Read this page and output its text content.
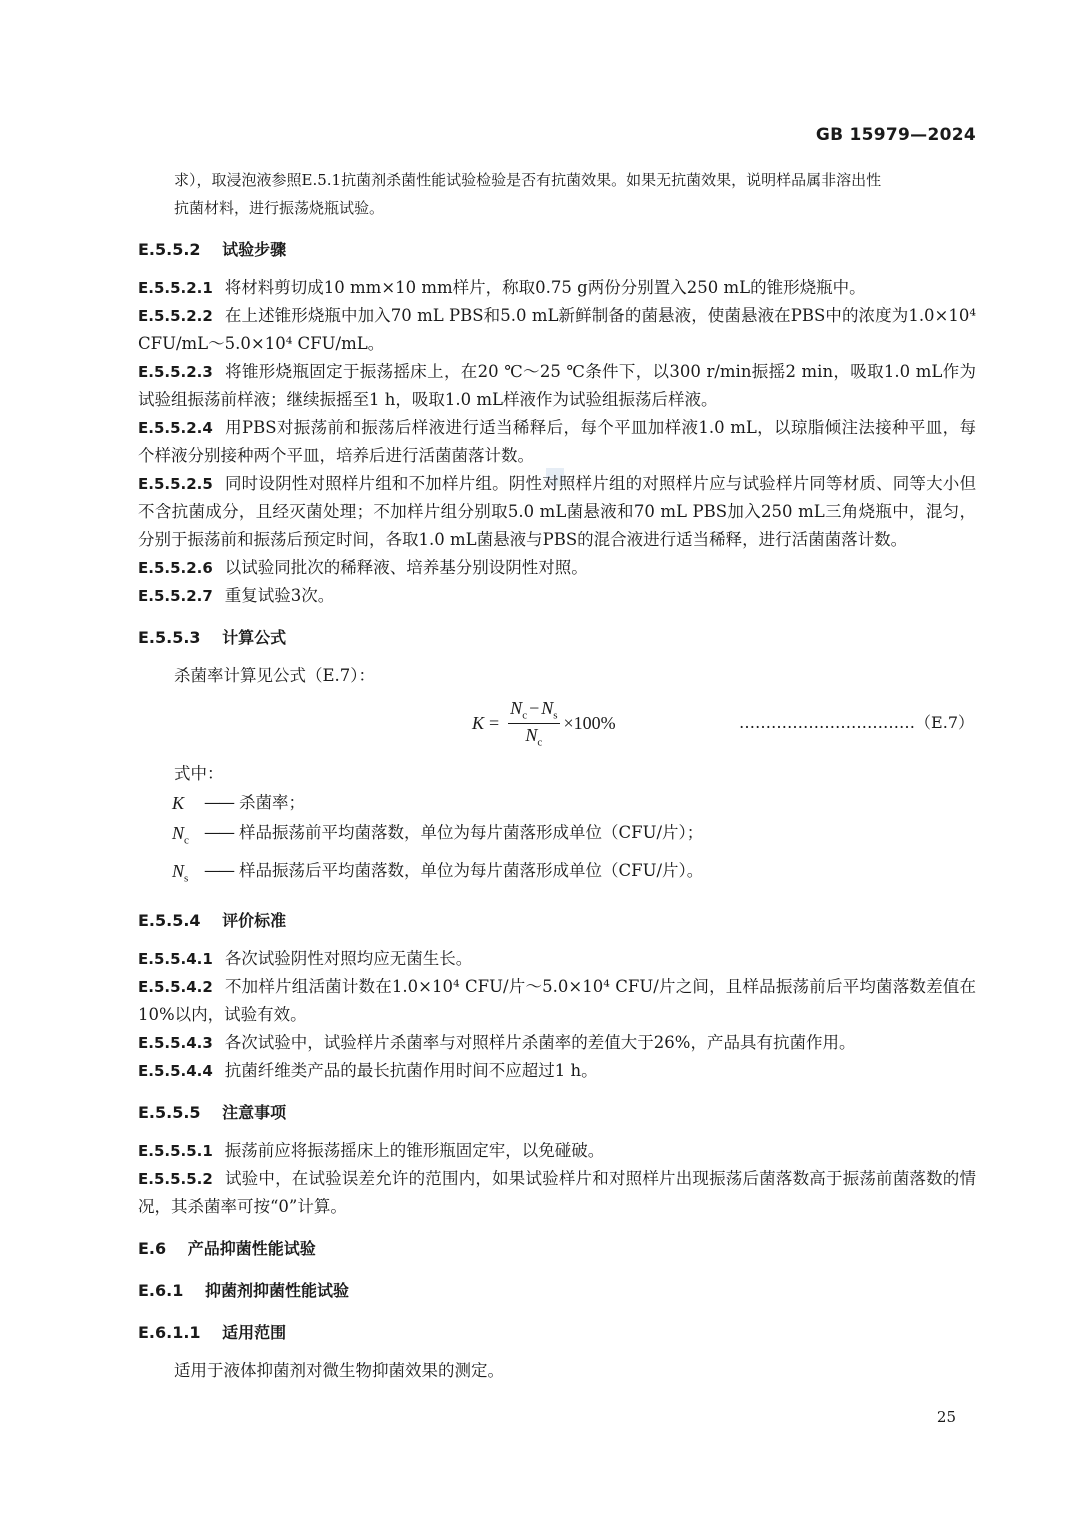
GB 15979—2024

求），取浸泡液参照E.5.1抗菌剂杀菌性能试验检验是否有抗菌效果。如果无抗菌效果，说明样品属非溶出性

抗菌材料，进行振荡烧瓶试验。

E.5.5.2 试验步骤

E.5.5.2.1 将材料剪切成10 mm×10 mm样片，称取0.75 g两份分别置入250 mL的锥形烧瓶中。

E.5.5.2.2 在上述锥形烧瓶中加入70 mL PBS和5.0 mL新鲜制备的菌悬液，使菌悬液在PBS中的浓度为1.0×10⁴ CFU/mL～5.0×10⁴ CFU/mL。

E.5.5.2.3 将锥形烧瓶固定于振荡摇床上，在20 ℃～25 ℃条件下，以300 r/min振摇2 min，吸取1.0 mL作为试验组振荡前样液；继续振摇至1 h，吸取1.0 mL样液作为试验组振荡后样液。

E.5.5.2.4 用PBS对振荡前和振荡后样液进行适当稀释后，每个平皿加样液1.0 mL，以琼脂倾注法接种平皿，每个样液分别接种两个平皿，培养后进行活菌菌落计数。

E.5.5.2.5 同时设阴性对照样片组和不加样片组。阴性对照样片组的对照样片应与试验样片同等材质、同等大小但不含抗菌成分，且经灭菌处理；不加样片组分别取5.0 mL菌悬液和70 mL PBS加入250 mL三角烧瓶中，混匀，分别于振荡前和振荡后预定时间，各取1.0 mL菌悬液与PBS的混合液进行适当稀释，进行活菌菌落计数。

E.5.5.2.6 以试验同批次的稀释液、培养基分别设阴性对照。

E.5.5.2.7 重复试验3次。

E.5.5.3 计算公式

杀菌率计算见公式（E.7）：

$K = \frac{N_c - N_s}{N_c} \times 100\%$	……………………………（E.7）

式中：

K	—— 杀菌率；
$N_c$ —— 样品振荡前平均菌落数，单位为每片菌落形成单位（CFU/片）；
$N_s$ —— 样品振荡后平均菌落数，单位为每片菌落形成单位（CFU/片）。
E.5.5.4 评价标准

E.5.5.4.1 各次试验阴性对照均应无菌生长。

E.5.5.4.2 不加样片组活菌计数在1.0×10⁴ CFU/片～5.0×10⁴ CFU/片之间，且样品振荡前后平均菌落数差值在10%以内，试验有效。

E.5.5.4.3 各次试验中，试验样片杀菌率与对照样片杀菌率的差值大于26%，产品具有抗菌作用。

E.5.5.4.4 抗菌纤维类产品的最长抗菌作用时间不应超过1 h。

E.5.5.5 注意事项

E.5.5.5.1 振荡前应将振荡摇床上的锥形瓶固定牢，以免碰破。

E.5.5.5.2 试验中，在试验误差允许的范围内，如果试验样片和对照样片出现振荡后菌落数高于振荡前菌落数的情况，其杀菌率可按“0”计算。

E.6 产品抑菌性能试验
E.6.1 抑菌剂抑菌性能试验
E.6.1.1 适用范围

适用于液体抑菌剂对微生物抑菌效果的测定。

25
